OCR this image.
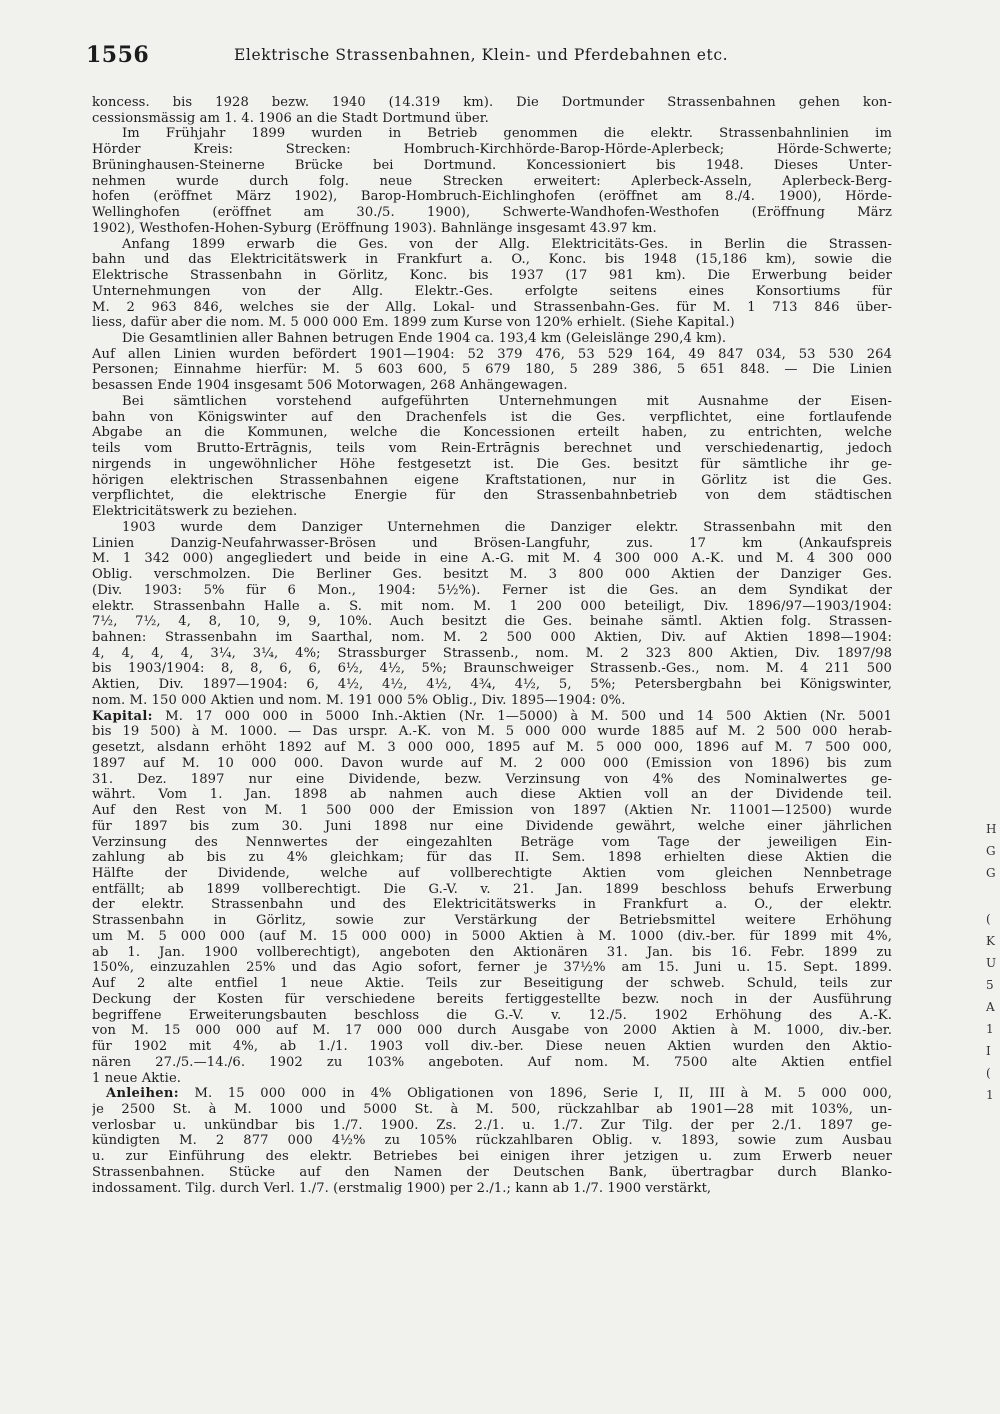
1556	Elektrische Strassenbahnen, Klein- und Pferdebahnen etc.
koncess. bis 1928 bezw. 1940 (14.319 km). Die Dortmunder Strassenbahnen gehen kon-
cessionsmässig am 1. 4. 1906 an die Stadt Dortmund über.
Im Frühjahr 1899 wurden in Betrieb genommen die elektr. Strassenbahnlinien im
Hörder Kreis: Strecken: Hombruch-Kirchhörde-Barop-Hörde-Aplerbeck; Hörde-Schwerte;
Brüninghausen-Steinerne Brücke bei Dortmund. Koncessioniert bis 1948. Dieses Unter-
nehmen wurde durch folg. neue Strecken erweitert: Aplerbeck-Asseln, Aplerbeck-Berg-
hofen (eröffnet März 1902), Barop-Hombruch-Eichlinghofen (eröffnet am 8./4. 1900), Hörde-
Wellinghofen (eröffnet am 30./5. 1900), Schwerte-Wandhofen-Westhofen (Eröffnung März
1902), Westhofen-Hohen-Syburg (Eröffnung 1903). Bahnlänge insgesamt 43.97 km.
Anfang 1899 erwarb die Ges. von der Allg. Elektricitäts-Ges. in Berlin die Strassen-
bahn und das Elektricitätswerk in Frankfurt a. O., Konc. bis 1948 (15,186 km), sowie die
Elektrische Strassenbahn in Görlitz, Konc. bis 1937 (17 981 km). Die Erwerbung beider
Unternehmungen von der Allg. Elektr.-Ges. erfolgte seitens eines Konsortiums für
M. 2 963 846, welches sie der Allg. Lokal- und Strassenbahn-Ges. für M. 1 713 846 über-
liess, dafür aber die nom. M. 5 000 000 Em. 1899 zum Kurse von 120% erhielt. (Siehe Kapital.)
Die Gesamtlinien aller Bahnen betrugen Ende 1904 ca. 193,4 km (Geleislänge 290,4 km).
Auf allen Linien wurden befördert 1901—1904: 52 379 476, 53 529 164, 49 847 034, 53 530 264
Personen; Einnahme hierfür: M. 5 603 600, 5 679 180, 5 289 386, 5 651 848. — Die Linien
besassen Ende 1904 insgesamt 506 Motorwagen, 268 Anhängewagen.
Bei sämtlichen vorstehend aufgeführten Unternehmungen mit Ausnahme der Eisen-
bahn von Königswinter auf den Drachenfels ist die Ges. verpflichtet, eine fortlaufende
Abgabe an die Kommunen, welche die Koncessionen erteilt haben, zu entrichten, welche
teils vom Brutto-Ertrāgnis, teils vom Rein-Ertrāgnis berechnet und verschiedenartig, jedoch
nirgends in ungewöhnlicher Höhe festgesetzt ist. Die Ges. besitzt für sämtliche ihr ge-
hörigen elektrischen Strassenbahnen eigene Kraftstationen, nur in Görlitz ist die Ges.
verpflichtet, die elektrische Energie für den Strassenbahnbetrieb von dem städtischen
Elektricitätswerk zu beziehen.
1903 wurde dem Danziger Unternehmen die Danziger elektr. Strassenbahn mit den
Linien Danzig-Neufahrwasser-Brösen und Brösen-Langfuhr, zus. 17 km (Ankaufspreis
M. 1 342 000) angegliedert und beide in eine A.-G. mit M. 4 300 000 A.-K. und M. 4 300 000
Oblig. verschmolzen. Die Berliner Ges. besitzt M. 3 800 000 Aktien der Danziger Ges.
(Div. 1903: 5% für 6 Mon., 1904: 5½%). Ferner ist die Ges. an dem Syndikat der
elektr. Strassenbahn Halle a. S. mit nom. M. 1 200 000 beteiligt, Div. 1896/97—1903/1904:
7½, 7½, 4, 8, 10, 9, 9, 10%. Auch besitzt die Ges. beinahe sämtl. Aktien folg. Strassen-
bahnen: Strassenbahn im Saarthal, nom. M. 2 500 000 Aktien, Div. auf Aktien 1898—1904:
4, 4, 4, 4, 3¼, 3¼, 4%; Strassburger Strassenb., nom. M. 2 323 800 Aktien, Div. 1897/98
bis 1903/1904: 8, 8, 6, 6, 6½, 4½, 5%; Braunschweiger Strassenb.-Ges., nom. M. 4 211 500
Aktien, Div. 1897—1904: 6, 4½, 4½, 4½, 4¾, 4½, 5, 5%; Petersbergbahn bei Königswinter,
nom. M. 150 000 Aktien und nom. M. 191 000 5% Oblig., Div. 1895—1904: 0%.
Kapital: M. 17 000 000 in 5000 Inh.-Aktien (Nr. 1—5000) à M. 500 und 14 500 Aktien (Nr. 5001
bis 19 500) à M. 1000. — Das urspr. A.-K. von M. 5 000 000 wurde 1885 auf M. 2 500 000 herab-
gesetzt, alsdann erhöht 1892 auf M. 3 000 000, 1895 auf M. 5 000 000, 1896 auf M. 7 500 000,
1897 auf M. 10 000 000. Davon wurde auf M. 2 000 000 (Emission von 1896) bis zum
31. Dez. 1897 nur eine Dividende, bezw. Verzinsung von 4% des Nominalwertes ge-
währt. Vom 1. Jan. 1898 ab nahmen auch diese Aktien voll an der Dividende teil.
Auf den Rest von M. 1 500 000 der Emission von 1897 (Aktien Nr. 11001—12500) wurde
für 1897 bis zum 30. Juni 1898 nur eine Dividende gewährt, welche einer jährlichen
Verzinsung des Nennwertes der eingezahlten Beträge vom Tage der jeweiligen Ein-
zahlung ab bis zu 4% gleichkam; für das II. Sem. 1898 erhielten diese Aktien die
Hälfte der Dividende, welche auf vollberechtigte Aktien vom gleichen Nennbetrage
entfällt; ab 1899 vollberechtigt. Die G.-V. v. 21. Jan. 1899 beschloss behufs Erwerbung
der elektr. Strassenbahn und des Elektricitätswerks in Frankfurt a. O., der elektr.
Strassenbahn in Görlitz, sowie zur Verstärkung der Betriebsmittel weitere Erhöhung
um M. 5 000 000 (auf M. 15 000 000) in 5000 Aktien à M. 1000 (div.-ber. für 1899 mit 4%,
ab 1. Jan. 1900 vollberechtigt), angeboten den Aktionären 31. Jan. bis 16. Febr. 1899 zu
150%, einzuzahlen 25% und das Agio sofort, ferner je 37½% am 15. Juni u. 15. Sept. 1899.
Auf 2 alte entfiel 1 neue Aktie. Teils zur Beseitigung der schweb. Schuld, teils zur
Deckung der Kosten für verschiedene bereits fertiggestellte bezw. noch in der Ausführung
begriffene Erweiterungsbauten beschloss die G.-V. v. 12./5. 1902 Erhöhung des A.-K.
von M. 15 000 000 auf M. 17 000 000 durch Ausgabe von 2000 Aktien à M. 1000, div.-ber.
für 1902 mit 4%, ab 1./1. 1903 voll div.-ber. Diese neuen Aktien wurden den Aktio-
nären 27./5.—14./6. 1902 zu 103% angeboten. Auf nom. M. 7500 alte Aktien entfiel
1 neue Aktie.
Anleihen: M. 15 000 000 in 4% Obligationen von 1896, Serie I, II, III à M. 5 000 000,
je 2500 St. à M. 1000 und 5000 St. à M. 500, rückzahlbar ab 1901—28 mit 103%, un-
verlosbar u. unkündbar bis 1./7. 1900. Zs. 2./1. u. 1./7. Zur Tilg. der per 2./1. 1897 ge-
kündigten M. 2 877 000 4½% zu 105% rückzahlbaren Oblig. v. 1893, sowie zum Ausbau
u. zur Einführung des elektr. Betriebes bei einigen ihrer jetzigen u. zum Erwerb neuer
Strassenbahnen. Stücke auf den Namen der Deutschen Bank, übertragbar durch Blanko-
indossament. Tilg. durch Verl. 1./7. (erstmalig 1900) per 2./1.; kann ab 1./7. 1900 verstärkt,
H
G
G
(
K
U
5
A
1
I
(
1
